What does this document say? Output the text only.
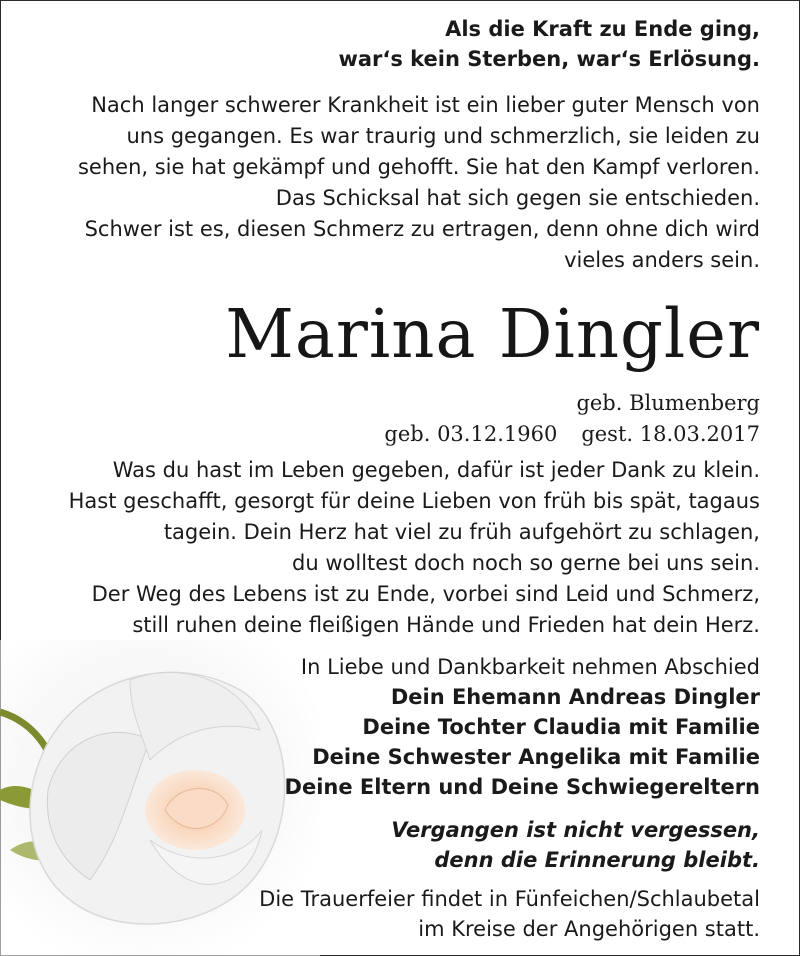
Als die Kraft zu Ende ging,
war‘s kein Sterben, war‘s Erlösung.
Nach langer schwerer Krankheit ist ein lieber guter Mensch von
uns gegangen. Es war traurig und schmerzlich, sie leiden zu
sehen, sie hat gekämpf und gehofft. Sie hat den Kampf verloren.
Das Schicksal hat sich gegen sie entschieden.
Schwer ist es, diesen Schmerz zu ertragen, denn ohne dich wird
vieles anders sein.
Marina Dingler
geb. Blumenberg
geb. 03.12.1960 gest. 18.03.2017
Was du hast im Leben gegeben, dafür ist jeder Dank zu klein.
Hast geschafft, gesorgt für deine Lieben von früh bis spät, tagaus
tagein. Dein Herz hat viel zu früh aufgehört zu schlagen,
du wolltest doch noch so gerne bei uns sein.
Der Weg des Lebens ist zu Ende, vorbei sind Leid und Schmerz,
still ruhen deine fleißigen Hände und Frieden hat dein Herz.
In Liebe und Dankbarkeit nehmen Abschied
Dein Ehemann Andreas Dingler
Deine Tochter Claudia mit Familie
Deine Schwester Angelika mit Familie
Deine Eltern und Deine Schwiegereltern
Vergangen ist nicht vergessen,
denn die Erinnerung bleibt.
Die Trauerfeier findet in Fünfeichen/Schlaubetal
im Kreise der Angehörigen statt.
